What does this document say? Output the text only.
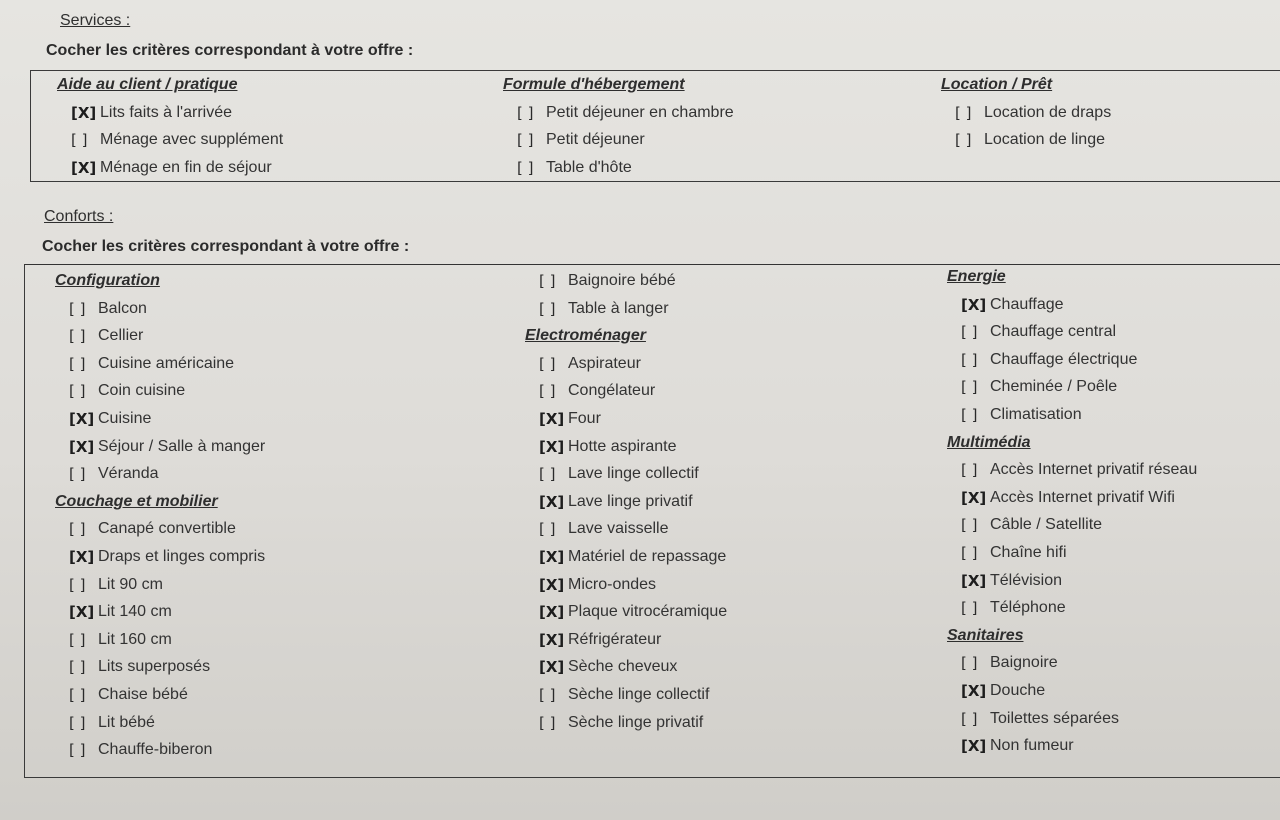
Services :
Cocher les critères correspondant à votre offre :
Aide au client / pratique
[X] Lits faits à l'arrivée
[ ] Ménage avec supplément
[X] Ménage en fin de séjour
Formule d'hébergement
[ ] Petit déjeuner en chambre
[ ] Petit déjeuner
[ ] Table d'hôte
Location / Prêt
[ ] Location de draps
[ ] Location de linge
Conforts :
Cocher les critères correspondant à votre offre :
Configuration
[ ] Balcon
[ ] Cellier
[ ] Cuisine américaine
[ ] Coin cuisine
[X] Cuisine
[X] Séjour / Salle à manger
[ ] Véranda
Couchage et mobilier
[ ] Canapé convertible
[X] Draps et linges compris
[ ] Lit 90 cm
[X] Lit 140 cm
[ ] Lit 160 cm
[ ] Lits superposés
[ ] Chaise bébé
[ ] Lit bébé
[ ] Chauffe-biberon
[ ] Baignoire bébé
[ ] Table à langer
Electroménager
[ ] Aspirateur
[ ] Congélateur
[X] Four
[X] Hotte aspirante
[ ] Lave linge collectif
[X] Lave linge privatif
[ ] Lave vaisselle
[X] Matériel de repassage
[X] Micro-ondes
[X] Plaque vitrocéramique
[X] Réfrigérateur
[X] Sèche cheveux
[ ] Sèche linge collectif
[ ] Sèche linge privatif
Energie
[X] Chauffage
[ ] Chauffage central
[ ] Chauffage électrique
[ ] Cheminée / Poêle
[ ] Climatisation
Multimédia
[ ] Accès Internet privatif réseau
[X] Accès Internet privatif Wifi
[ ] Câble / Satellite
[ ] Chaîne hifi
[X] Télévision
[ ] Téléphone
Sanitaires
[ ] Baignoire
[X] Douche
[ ] Toilettes séparées
[X] Non fumeur
